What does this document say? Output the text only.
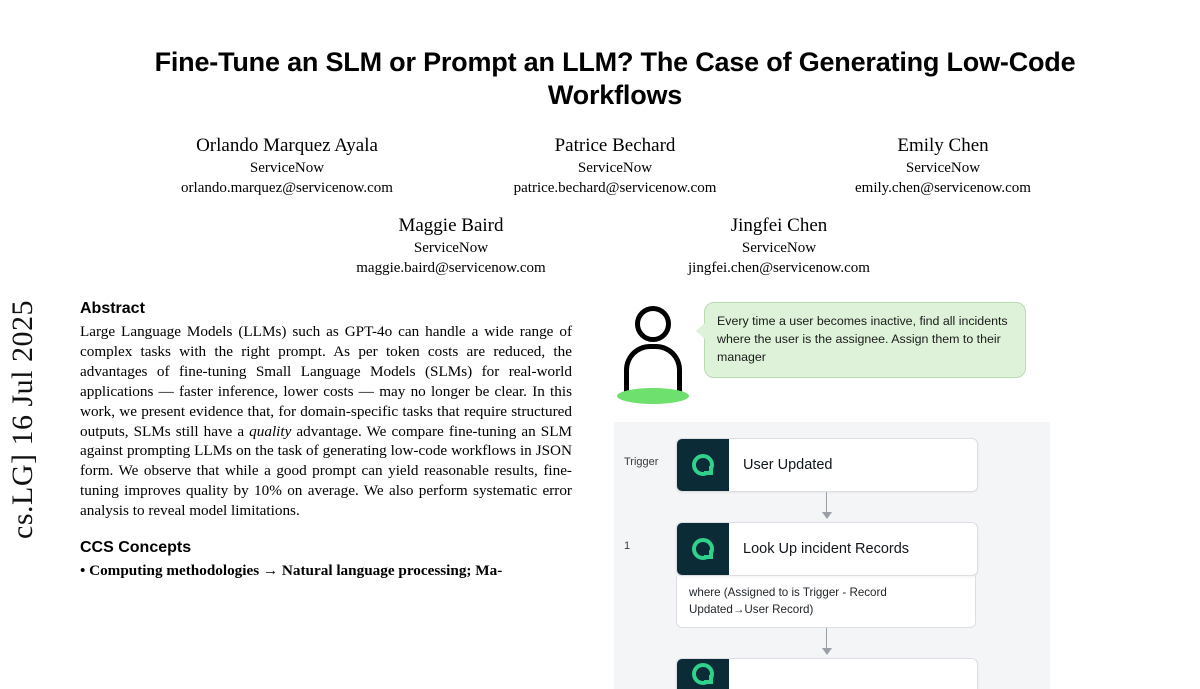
cs.LG] 16 Jul 2025
Fine-Tune an SLM or Prompt an LLM? The Case of Generating Low-Code Workflows
Orlando Marquez Ayala
ServiceNow
orlando.marquez@servicenow.com
Patrice Bechard
ServiceNow
patrice.bechard@servicenow.com
Emily Chen
ServiceNow
emily.chen@servicenow.com
Maggie Baird
ServiceNow
maggie.baird@servicenow.com
Jingfei Chen
ServiceNow
jingfei.chen@servicenow.com
Abstract

Large Language Models (LLMs) such as GPT-4o can handle a wide range of complex tasks with the right prompt. As per token costs are reduced, the advantages of fine-tuning Small Language Models (SLMs) for real-world applications — faster inference, lower costs — may no longer be clear. In this work, we present evidence that, for domain-specific tasks that require structured outputs, SLMs still have a quality advantage. We compare fine-tuning an SLM against prompting LLMs on the task of generating low-code workflows in JSON form. We observe that while a good prompt can yield reasonable results, fine-tuning improves quality by 10% on average. We also perform systematic error analysis to reveal model limitations.

CCS Concepts

• Computing methodologies → Natural language processing; Ma-

Every time a user becomes inactive, find all incidents where the user is the assignee. Assign them to their manager
Trigger	User Updated
1	Look Up incident Records
where (Assigned to is Trigger - Record Updated→User Record)
